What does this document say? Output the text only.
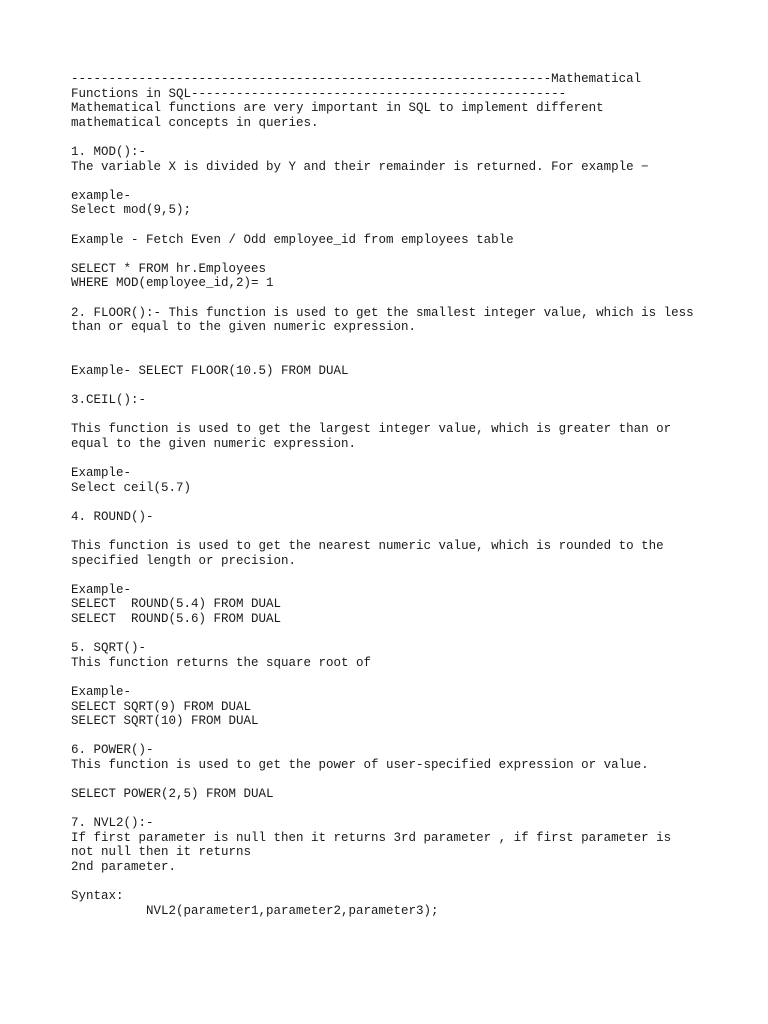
----------------------------------------------------------------Mathematical
Functions in SQL--------------------------------------------------
Mathematical functions are very important in SQL to implement different
mathematical concepts in queries.

1. MOD():-
The variable X is divided by Y and their remainder is returned. For example −

example-
Select mod(9,5);

Example - Fetch Even / Odd employee_id from employees table

SELECT * FROM hr.Employees
WHERE MOD(employee_id,2)= 1

2. FLOOR():- This function is used to get the smallest integer value, which is less
than or equal to the given numeric expression.

Example- SELECT FLOOR(10.5) FROM DUAL

3.CEIL():-

This function is used to get the largest integer value, which is greater than or
equal to the given numeric expression.

Example-
Select ceil(5.7)

4. ROUND()-

This function is used to get the nearest numeric value, which is rounded to the
specified length or precision.

Example-
SELECT  ROUND(5.4) FROM DUAL
SELECT  ROUND(5.6) FROM DUAL

5. SQRT()-
This function returns the square root of

Example-
SELECT SQRT(9) FROM DUAL
SELECT SQRT(10) FROM DUAL

6. POWER()-
This function is used to get the power of user-specified expression or value.

SELECT POWER(2,5) FROM DUAL

7. NVL2():-
If first parameter is null then it returns 3rd parameter , if first parameter is
not null then it returns
2nd parameter.

Syntax:
NVL2(parameter1,parameter2,parameter3);
